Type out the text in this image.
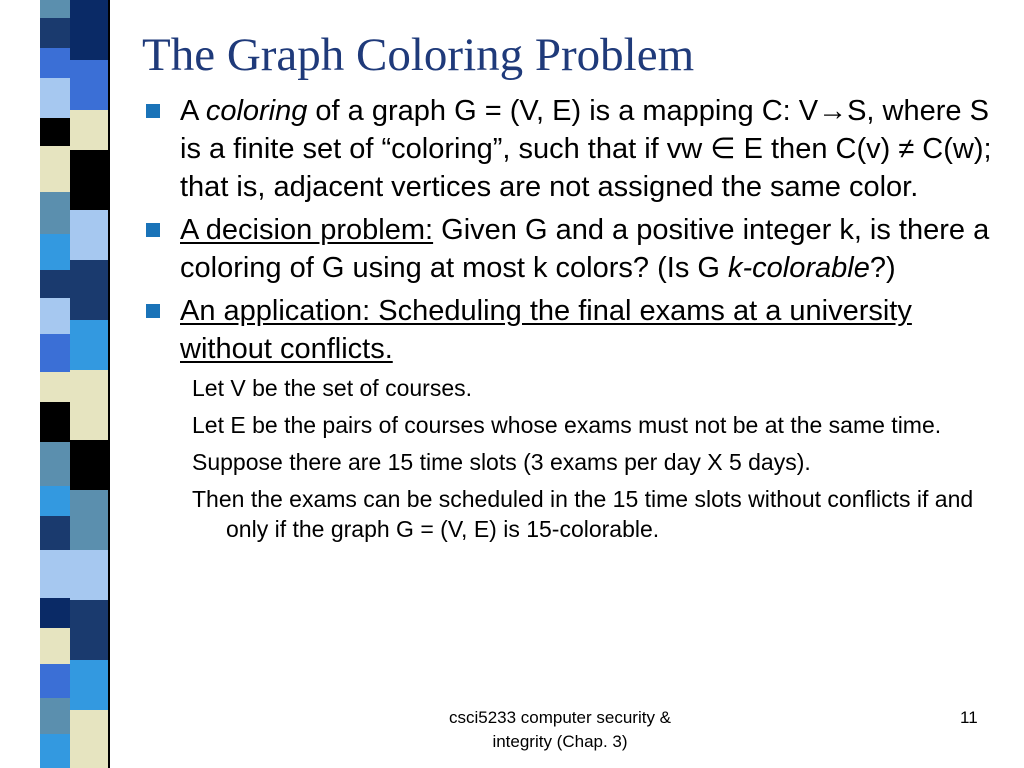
The Graph Coloring Problem
A coloring of a graph G = (V, E) is a mapping C: V→S, where S is a finite set of “coloring”, such that if vw ∈ E then C(v) ≠ C(w); that is, adjacent vertices are not assigned the same color.
A decision problem: Given G and a positive integer k, is there a coloring of G using at most k colors? (Is G k-colorable?)
An application: Scheduling the final exams at a university without conflicts.
Let V be the set of courses.
Let E be the pairs of courses whose exams must not be at the same time.
Suppose there are 15 time slots (3 exams per day X 5 days).
Then the exams can be scheduled in the 15 time slots without conflicts if and only if the graph G = (V, E) is 15-colorable.
csci5233 computer security &
integrity (Chap. 3)
11
